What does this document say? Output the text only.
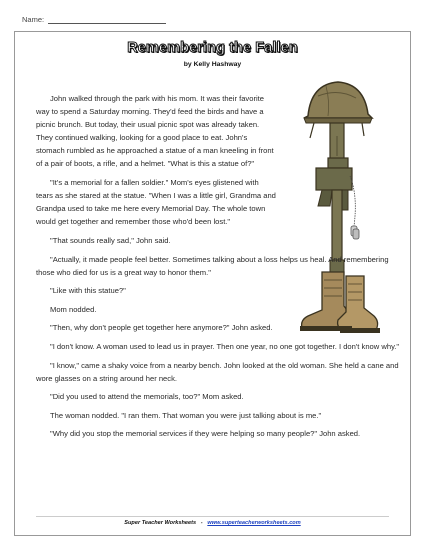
Name:
Remembering the Fallen
by Kelly Hashway

John walked through the park with his mom. It was their favorite way to spend a Saturday morning. They'd feed the birds and have a picnic brunch. But today, their usual picnic spot was already taken. They continued walking, looking for a good place to eat. John's stomach rumbled as he approached a statue of a man kneeling in front of a pair of boots, a rifle, and a helmet. "What is this a statue of?"

"It's a memorial for a fallen soldier." Mom's eyes glistened with tears as she stared at the statue. "When I was a little girl, Grandma and Grandpa used to take me here every Memorial Day. The whole town would get together and remember those who'd been lost."

"That sounds really sad," John said.

"Actually, it made people feel better. Sometimes talking about a loss helps us heal. And remembering those who died for us is a great way to honor them."

"Like with this statue?"

Mom nodded.

"Then, why don't people get together here anymore?" John asked.

"I don't know. A woman used to lead us in prayer. Then one year, no one got together. I don't know why."

"I know," came a shaky voice from a nearby bench. John looked at the old woman. She held a cane and wore glasses on a string around her neck.

"Did you used to attend the memorials, too?" Mom asked.

The woman nodded. "I ran them. That woman you were just talking about is me."

"Why did you stop the memorial services if they were helping so many people?" John asked.

Super Teacher Worksheets - www.superteacherworksheets.com
